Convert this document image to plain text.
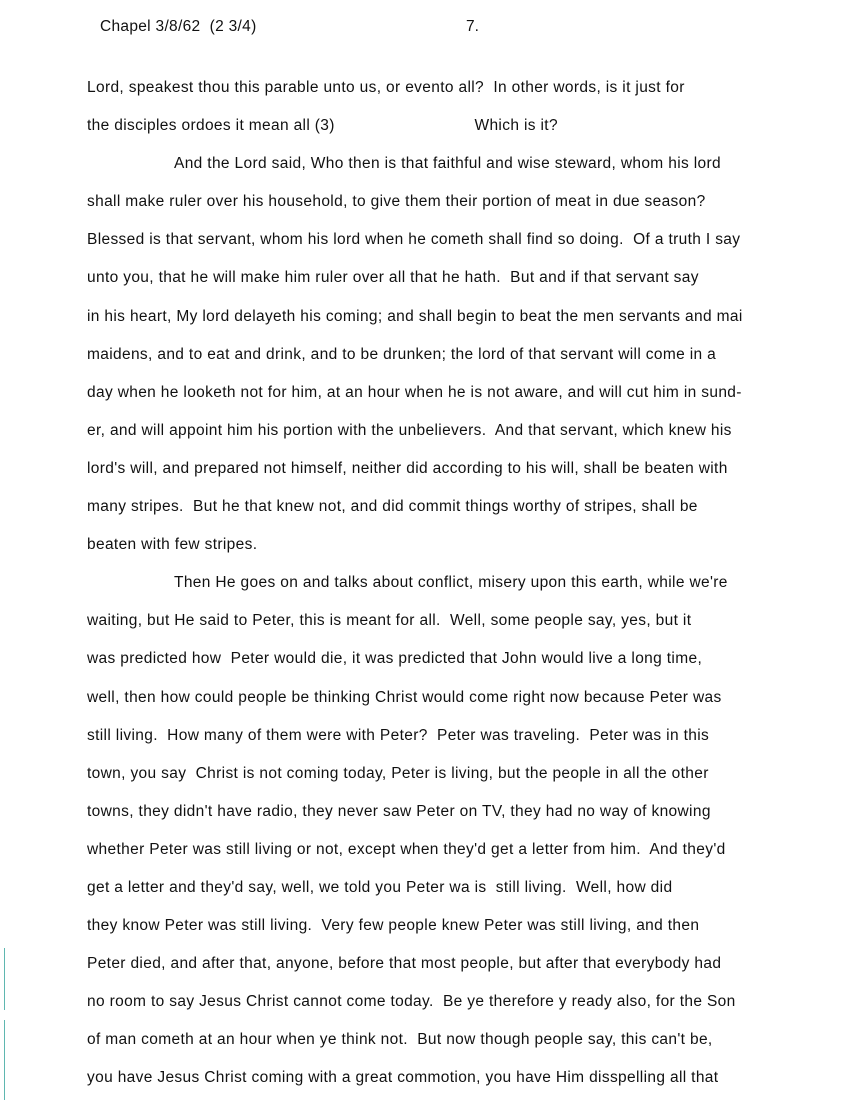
Chapel 3/8/62  (2 3/4)	7.
Lord, speakest thou this parable unto us, or evento all?  In other words, is it just for
the disciples ordoes it mean all (3)                              Which is it?
And the Lord said, Who then is that faithful and wise steward, whom his lord
shall make ruler over his household, to give them their portion of meat in due season?
Blessed is that servant, whom his lord when he cometh shall find so doing.  Of a truth I say
unto you, that he will make him ruler over all that he hath.  But and if that servant say
in his heart, My lord delayeth his coming; and shall begin to beat the men servants and mai
maidens, and to eat and drink, and to be drunken; the lord of that servant will come in a
day when he looketh not for him, at an hour when he is not aware, and will cut him in sund-
er, and will appoint him his portion with the unbelievers.  And that servant, which knew his
lord's will, and prepared not himself, neither did according to his will, shall be beaten with
many stripes.  But he that knew not, and did commit things worthy of stripes, shall be
beaten with few stripes.
Then He goes on and talks about conflict, misery upon this earth, while we're
waiting, but He said to Peter, this is meant for all.  Well, some people say, yes, but it
was predicted how  Peter would die, it was predicted that John would live a long time,
well, then how could people be thinking Christ would come right now because Peter was
still living.  How many of them were with Peter?  Peter was traveling.  Peter was in this
town, you say  Christ is not coming today, Peter is living, but the people in all the other
towns, they didn't have radio, they never saw Peter on TV, they had no way of knowing
whether Peter was still living or not, except when they'd get a letter from him.  And they'd
get a letter and they'd say, well, we told you Peter wa is  still living.  Well, how did
they know Peter was still living.  Very few people knew Peter was still living, and then
Peter died, and after that, anyone, before that most people, but after that everybody had
no room to say Jesus Christ cannot come today.  Be ye therefore y ready also, for the Son
of man cometh at an hour when ye think not.  But now though people say, this can't be,
you have Jesus Christ coming with a great commotion, you have Him disspelling all that
